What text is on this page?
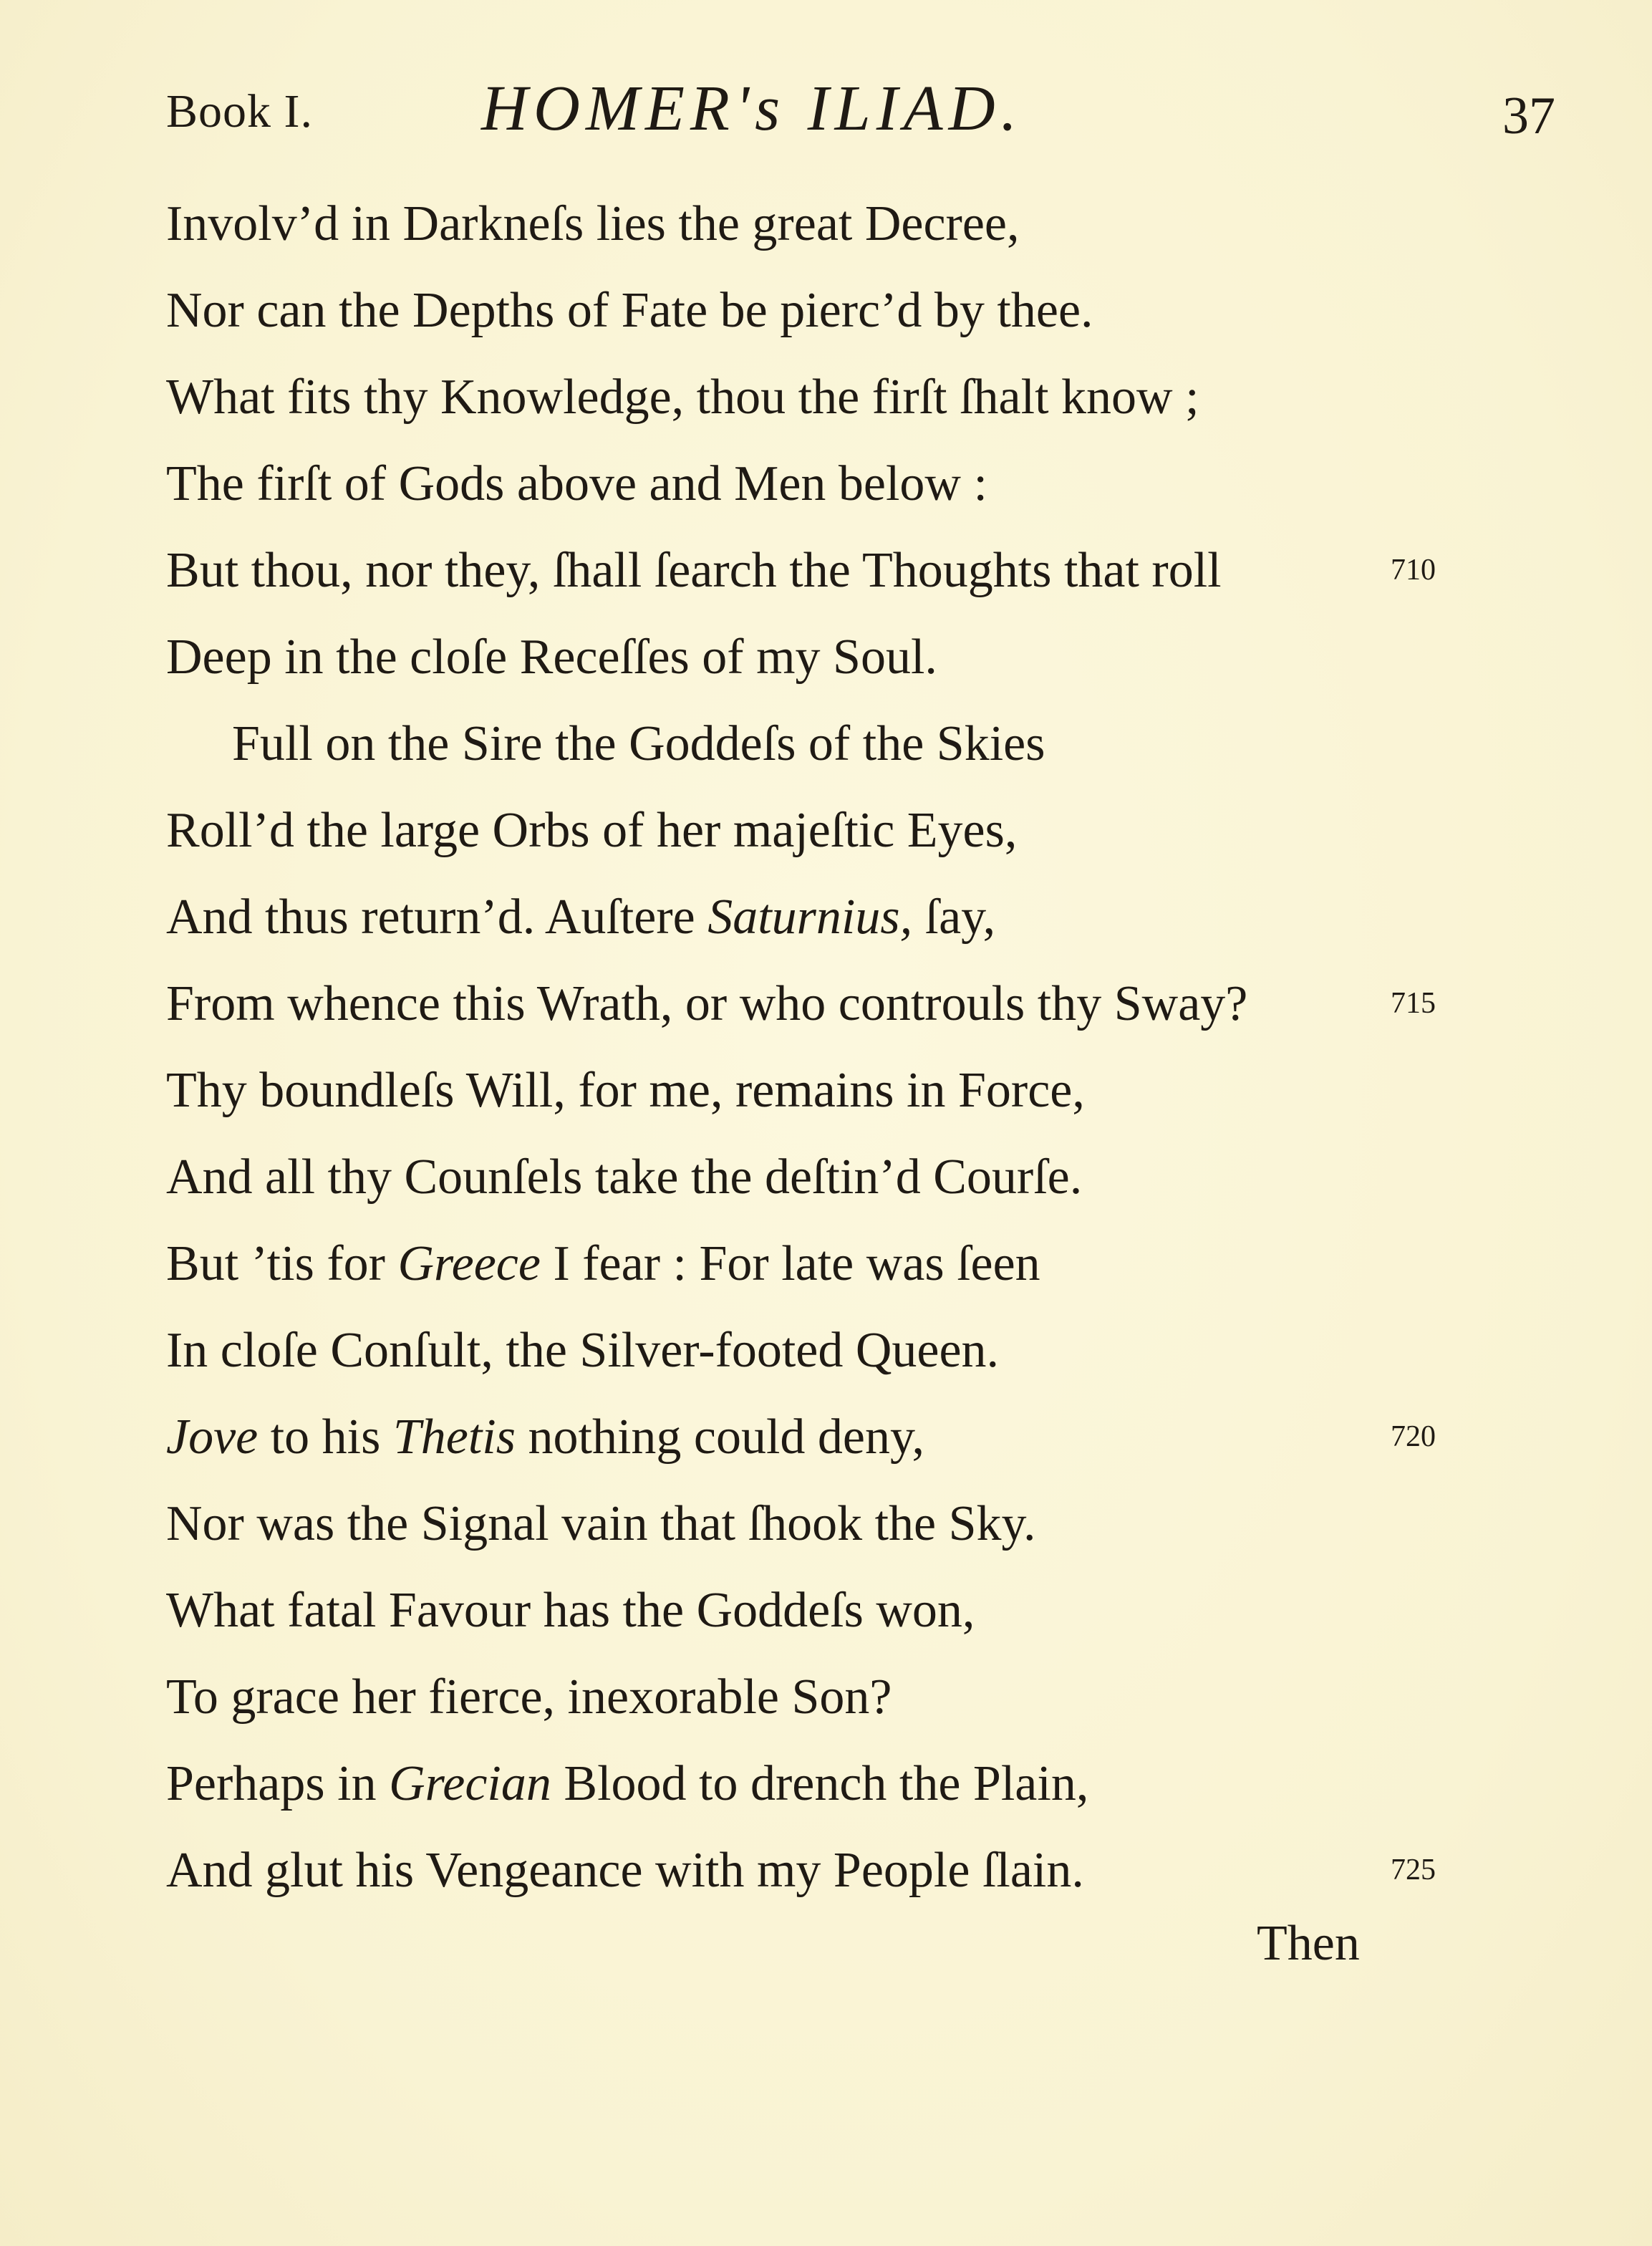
Book I.	HOMER's ILIAD.	37
Involv’d in Darkneſs lies the great Decree,
Nor can the Depths of Fate be pierc’d by thee.
What fits thy Knowledge, thou the firſt ſhalt know ;
The firſt of Gods above and Men below :
But thou, nor they, ſhall ſearch the Thoughts that roll	710
Deep in the cloſe Receſſes of my Soul.
Full on the Sire the Goddeſs of the Skies
Roll’d the large Orbs of her majeſtic Eyes,
And thus return’d. Auſtere Saturnius, ſay,
From whence this Wrath, or who controuls thy Sway?	715
Thy boundleſs Will, for me, remains in Force,
And all thy Counſels take the deſtin’d Courſe.
But ’tis for Greece I fear : For late was ſeen
In cloſe Conſult, the Silver-footed Queen.
Jove to his Thetis nothing could deny,	720
Nor was the Signal vain that ſhook the Sky.
What fatal Favour has the Goddeſs won,
To grace her fierce, inexorable Son?
Perhaps in Grecian Blood to drench the Plain,
And glut his Vengeance with my People ſlain.	725
Then
